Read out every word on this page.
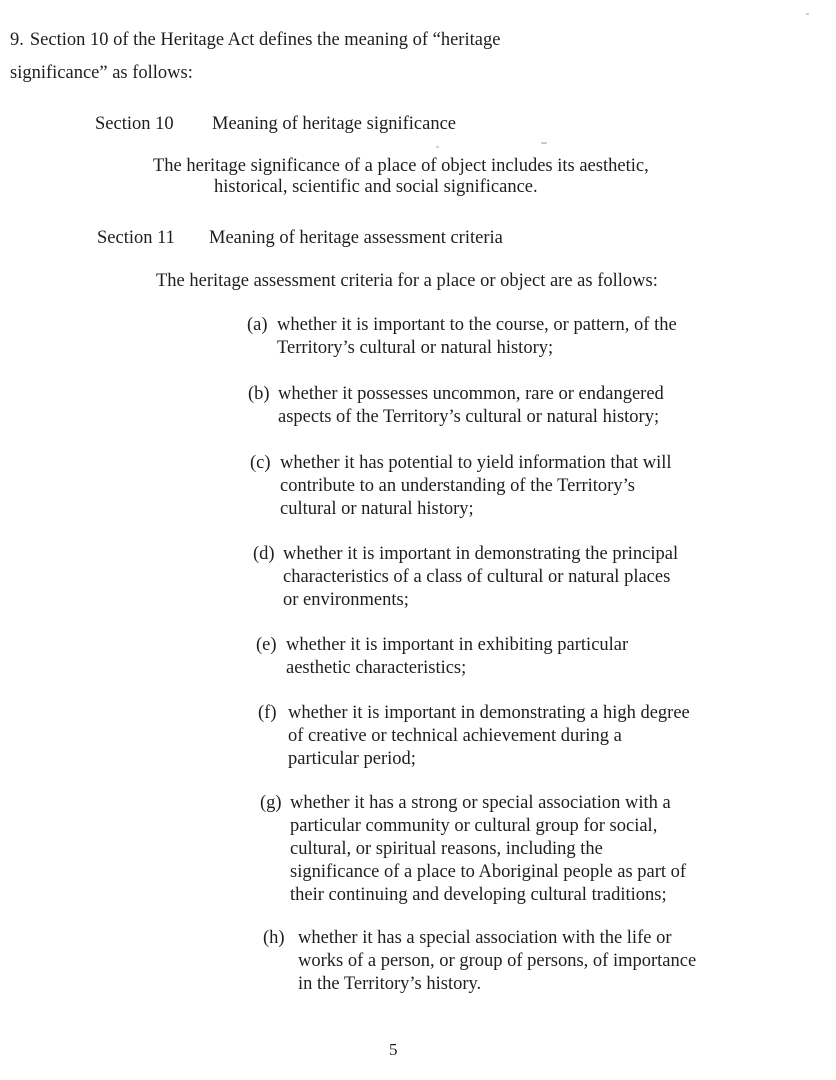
9. Section 10 of the Heritage Act defines the meaning of “heritage
significance” as follows:
Section 10 Meaning of heritage significance
The heritage significance of a place of object includes its aesthetic,
historical, scientific and social significance.
Section 11 Meaning of heritage assessment criteria
The heritage assessment criteria for a place or object are as follows:
(a) whether it is important to the course, or pattern, of the
Territory’s cultural or natural history;
(b) whether it possesses uncommon, rare or endangered
aspects of the Territory’s cultural or natural history;
(c) whether it has potential to yield information that will
contribute to an understanding of the Territory’s
cultural or natural history;
(d) whether it is important in demonstrating the principal
characteristics of a class of cultural or natural places
or environments;
(e) whether it is important in exhibiting particular
aesthetic characteristics;
(f) whether it is important in demonstrating a high degree
of creative or technical achievement during a
particular period;
(g) whether it has a strong or special association with a
particular community or cultural group for social,
cultural, or spiritual reasons, including the
significance of a place to Aboriginal people as part of
their continuing and developing cultural traditions;
(h) whether it has a special association with the life or
works of a person, or group of persons, of importance
in the Territory’s history.
5
